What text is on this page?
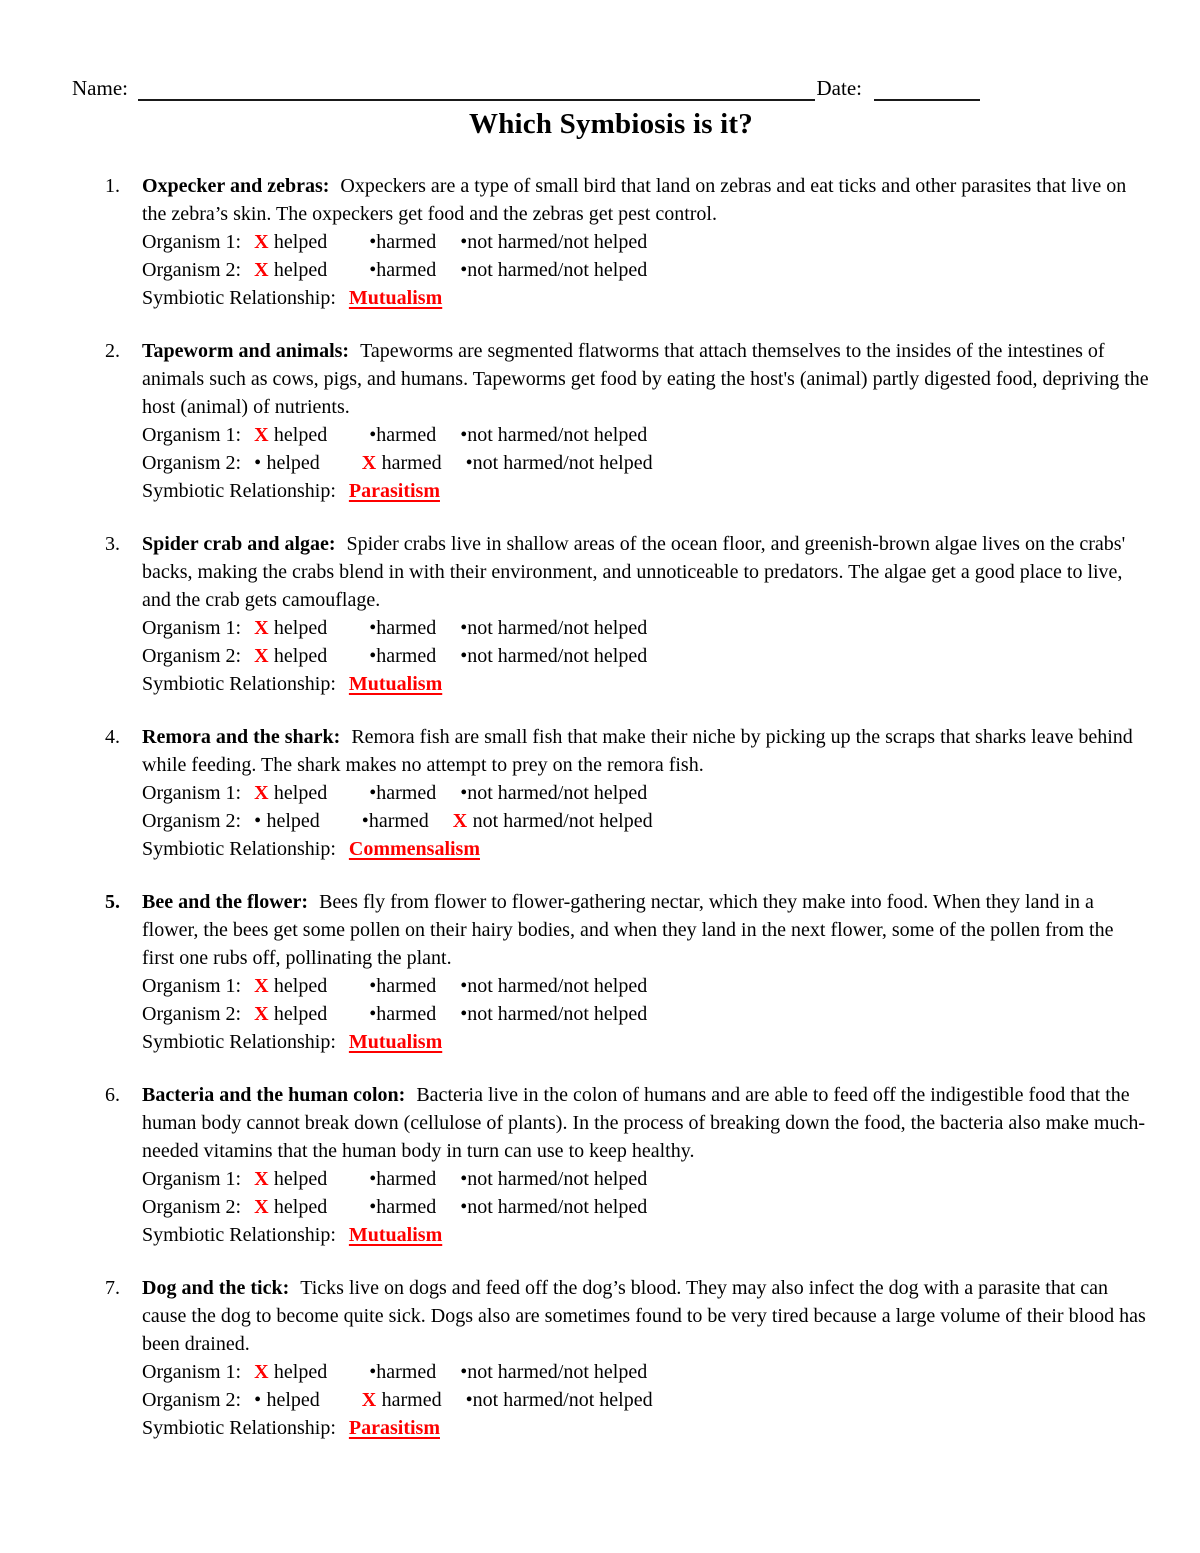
Name:	Date:
Which Symbiosis is it?
1.	Oxpecker and zebras: Oxpeckers are a type of small bird that land on zebras and eat ticks and other parasites that live on the zebra’s skin. The oxpeckers get food and the zebras get pest control.
Organism 1: X helped •harmed •not harmed/not helped
Organism 2: X helped •harmed •not harmed/not helped
Symbiotic Relationship: Mutualism
2.	Tapeworm and animals: Tapeworms are segmented flatworms that attach themselves to the insides of the intestines of animals such as cows, pigs, and humans. Tapeworms get food by eating the host's (animal) partly digested food, depriving the host (animal) of nutrients.
Organism 1: X helped •harmed •not harmed/not helped
Organism 2: • helped X harmed •not harmed/not helped
Symbiotic Relationship: Parasitism
3.	Spider crab and algae: Spider crabs live in shallow areas of the ocean floor, and greenish-brown algae lives on the crabs' backs, making the crabs blend in with their environment, and unnoticeable to predators. The algae get a good place to live, and the crab gets camouflage.
Organism 1: X helped •harmed •not harmed/not helped
Organism 2: X helped •harmed •not harmed/not helped
Symbiotic Relationship: Mutualism
4.	Remora and the shark: Remora fish are small fish that make their niche by picking up the scraps that sharks leave behind while feeding. The shark makes no attempt to prey on the remora fish.
Organism 1: X helped •harmed •not harmed/not helped
Organism 2: • helped •harmed X not harmed/not helped
Symbiotic Relationship: Commensalism
5.	Bee and the flower: Bees fly from flower to flower-gathering nectar, which they make into food. When they land in a flower, the bees get some pollen on their hairy bodies, and when they land in the next flower, some of the pollen from the first one rubs off, pollinating the plant.
Organism 1: X helped •harmed •not harmed/not helped
Organism 2: X helped •harmed •not harmed/not helped
Symbiotic Relationship: Mutualism
6.	Bacteria and the human colon: Bacteria live in the colon of humans and are able to feed off the indigestible food that the human body cannot break down (cellulose of plants). In the process of breaking down the food, the bacteria also make much-needed vitamins that the human body in turn can use to keep healthy.
Organism 1: X helped •harmed •not harmed/not helped
Organism 2: X helped •harmed •not harmed/not helped
Symbiotic Relationship: Mutualism
7.	Dog and the tick: Ticks live on dogs and feed off the dog’s blood. They may also infect the dog with a parasite that can cause the dog to become quite sick. Dogs also are sometimes found to be very tired because a large volume of their blood has been drained.
Organism 1: X helped •harmed •not harmed/not helped
Organism 2: • helped X harmed •not harmed/not helped
Symbiotic Relationship: Parasitism
